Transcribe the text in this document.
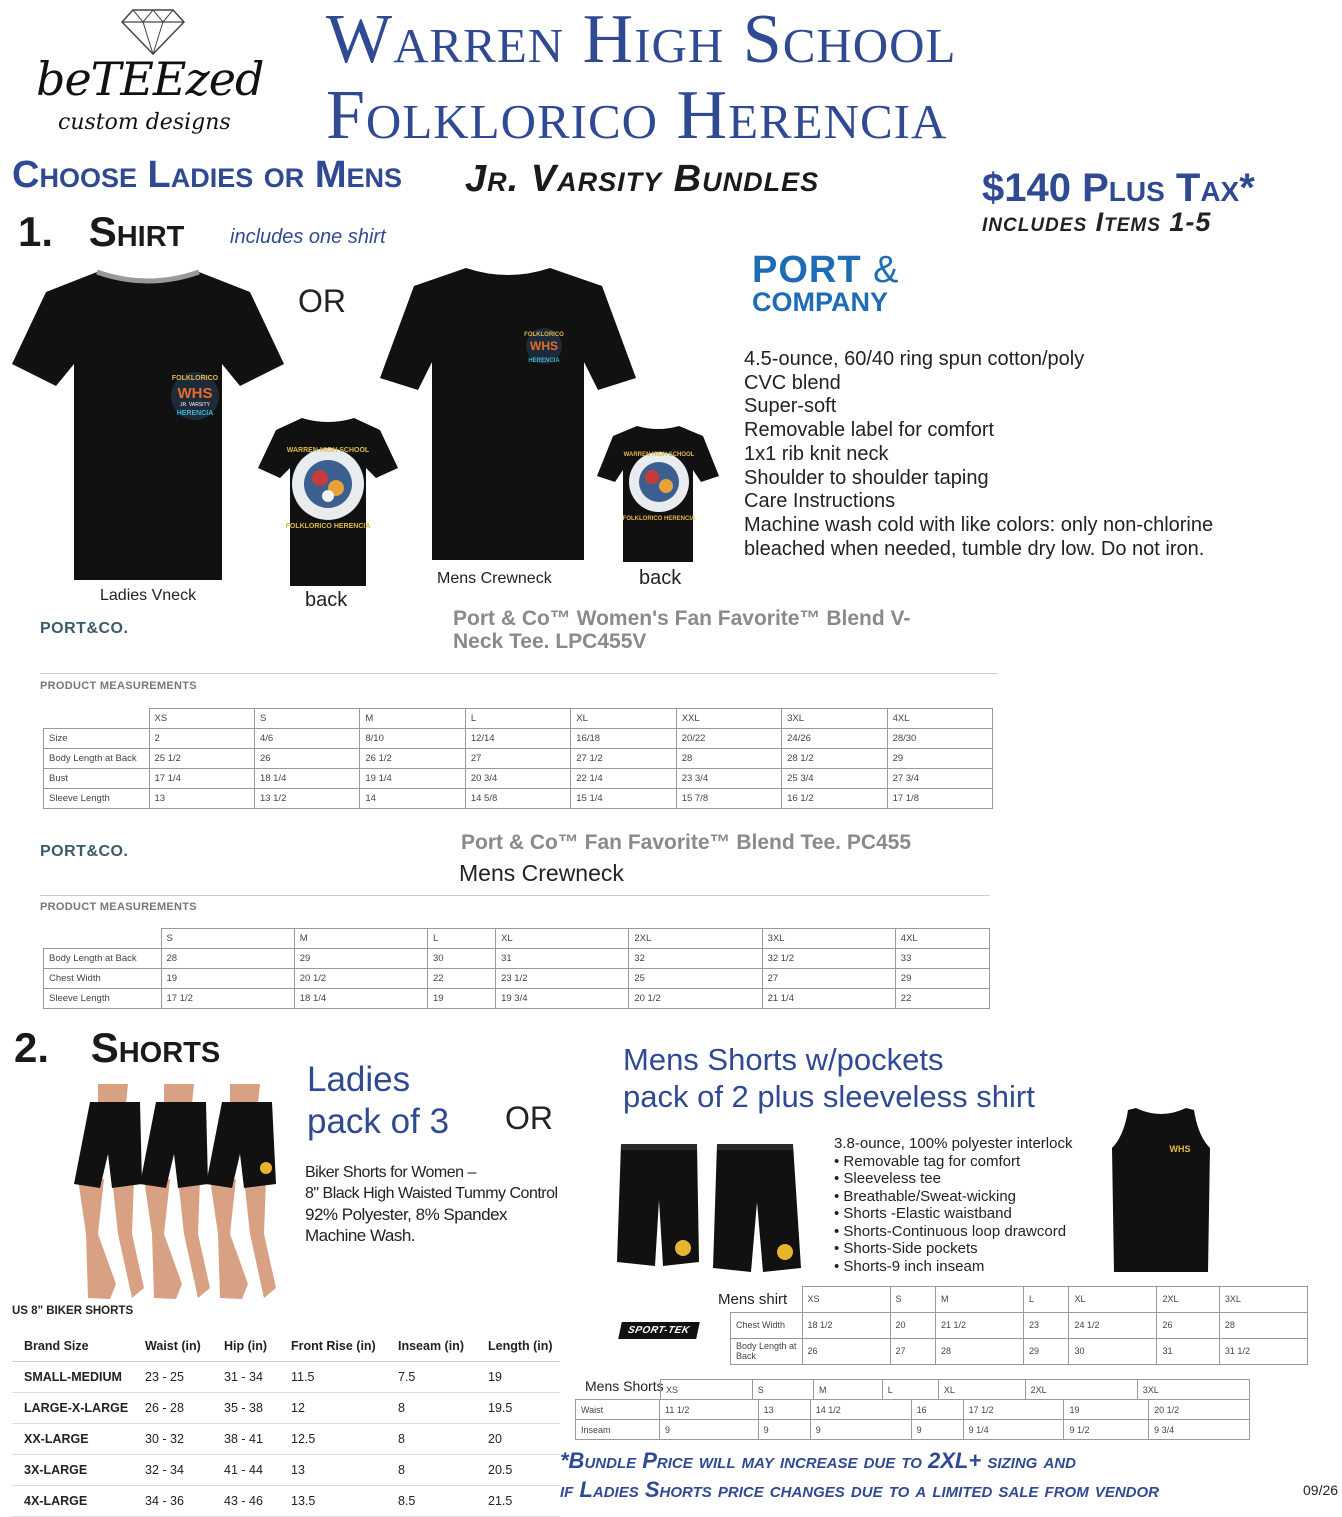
beTEEzed
custom designs
Warren High School
Folklorico Herencia
Choose Ladies or Mens Jr. Varsity Bundles	$140 Plus Tax*
includes Items 1-5
1. Shirt includes one shirt
FOLKLORICO
WHS
JR. VARSITY
HERENCIA
Ladies Vneck
WARREN HIGH SCHOOL
FOLKLORICO HERENCIA
back
OR
FOLKLORICO
WHS
HERENCIA
Mens Crewneck
WARREN HIGH SCHOOL
FOLKLORICO HERENCIA
back
PORT &
COMPANY
4.5-ounce, 60/40 ring spun cotton/poly
CVC blend
Super-soft
Removable label for comfort
1x1 rib knit neck
Shoulder to shoulder taping
Care Instructions
Machine wash cold with like colors: only non-chlorine
bleached when needed, tumble dry low. Do not iron.
PORT&CO.	Port & Co™ Women's Fan Favorite™ Blend V-
Neck Tee. LPC455V
PRODUCT MEASUREMENTS
	XS	S	M	L	XL	XXL	3XL	4XL
Size	2	4/6	8/10	12/14	16/18	20/22	24/26	28/30
Body Length at Back	25 1/2	26	26 1/2	27	27 1/2	28	28 1/2	29
Bust	17 1/4	18 1/4	19 1/4	20 3/4	22 1/4	23 3/4	25 3/4	27 3/4
Sleeve Length	13	13 1/2	14	14 5/8	15 1/4	15 7/8	16 1/2	17 1/8
PORT&CO.	Port & Co™ Fan Favorite™ Blend Tee. PC455
Mens Crewneck
PRODUCT MEASUREMENTS
	S	M	L	XL	2XL	3XL	4XL
Body Length at Back	28	29	30	31	32	32 1/2	33
Chest Width	19	20 1/2	22	23 1/2	25	27	29
Sleeve Length	17 1/2	18 1/4	19	19 3/4	20 1/2	21 1/4	22
2. Shorts
Ladies
pack of 3 OR
Biker Shorts for Women –
8" Black High Waisted Tummy Control
92% Polyester, 8% Spandex
Machine Wash.
US 8" BIKER SHORTS
Brand Size	Waist (in)	Hip (in)	Front Rise (in)	Inseam (in)	Length (in)
SMALL-MEDIUM	23 - 25	31 - 34	11.5	7.5	19
LARGE-X-LARGE	26 - 28	35 - 38	12	8	19.5
XX-LARGE	30 - 32	38 - 41	12.5	8	20
3X-LARGE	32 - 34	41 - 44	13	8	20.5
4X-LARGE	34 - 36	43 - 46	13.5	8.5	21.5
Mens Shorts w/pockets
pack of 2 plus sleeveless shirt
3.8-ounce, 100% polyester interlock
• Removable tag for comfort
• Sleeveless tee
• Breathable/Sweat-wicking
• Shorts -Elastic waistband
• Shorts-Continuous loop drawcord
• Shorts-Side pockets
• Shorts-9 inch inseam
WHS
Mens shirt
SPORT-TEK
	XS	S	M	L	XL	2XL	3XL
Chest Width	18 1/2	20	21 1/2	23	24 1/2	26	28
Body Length at Back	26	27	28	29	30	31	31 1/2
Mens Shorts
	XS	S	M	L	XL	2XL	3XL
Waist	11 1/2	13	14 1/2	16	17 1/2	19	20 1/2
Inseam	9	9	9	9	9 1/4	9 1/2	9 3/4
*Bundle Price will may increase due to 2XL+ sizing and
if Ladies Shorts price changes due to a limited sale from vendor	09/26
